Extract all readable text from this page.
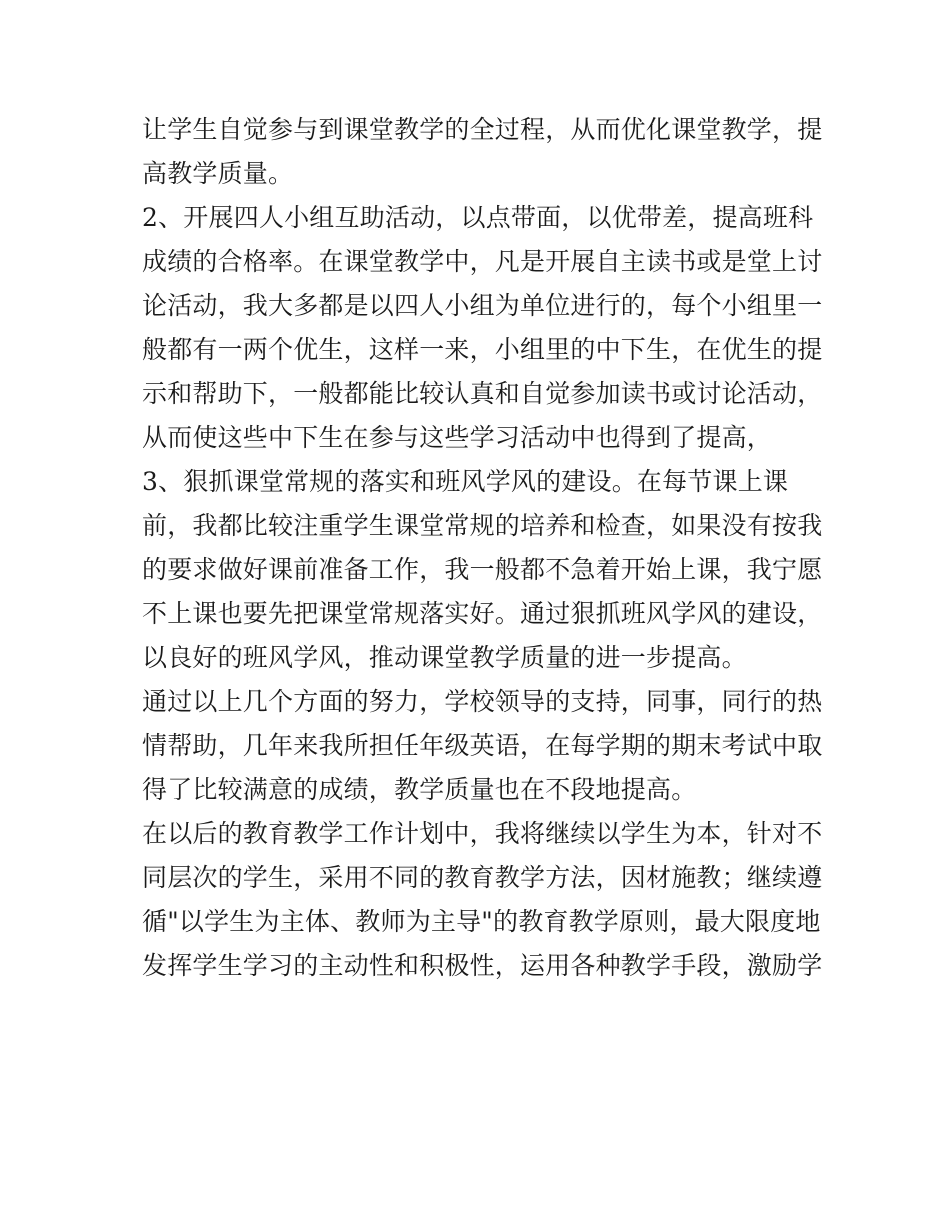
让学生自觉参与到课堂教学的全过程，从而优化课堂教学，提
高教学质量。
2、开展四人小组互助活动，以点带面，以优带差，提高班科
成绩的合格率。在课堂教学中，凡是开展自主读书或是堂上讨
论活动，我大多都是以四人小组为单位进行的，每个小组里一
般都有一两个优生，这样一来，小组里的中下生，在优生的提
示和帮助下，一般都能比较认真和自觉参加读书或讨论活动，
从而使这些中下生在参与这些学习活动中也得到了提高，
3、狠抓课堂常规的落实和班风学风的建设。在每节课上课
前，我都比较注重学生课堂常规的培养和检查，如果没有按我
的要求做好课前准备工作，我一般都不急着开始上课，我宁愿
不上课也要先把课堂常规落实好。通过狠抓班风学风的建设，
以良好的班风学风，推动课堂教学质量的进一步提高。
通过以上几个方面的努力，学校领导的支持，同事，同行的热
情帮助，几年来我所担任年级英语，在每学期的期末考试中取
得了比较满意的成绩，教学质量也在不段地提高。
在以后的教育教学工作计划中，我将继续以学生为本，针对不
同层次的学生，采用不同的教育教学方法，因材施教；继续遵
循"以学生为主体、教师为主导"的教育教学原则，最大限度地
发挥学生学习的主动性和积极性，运用各种教学手段，激励学
